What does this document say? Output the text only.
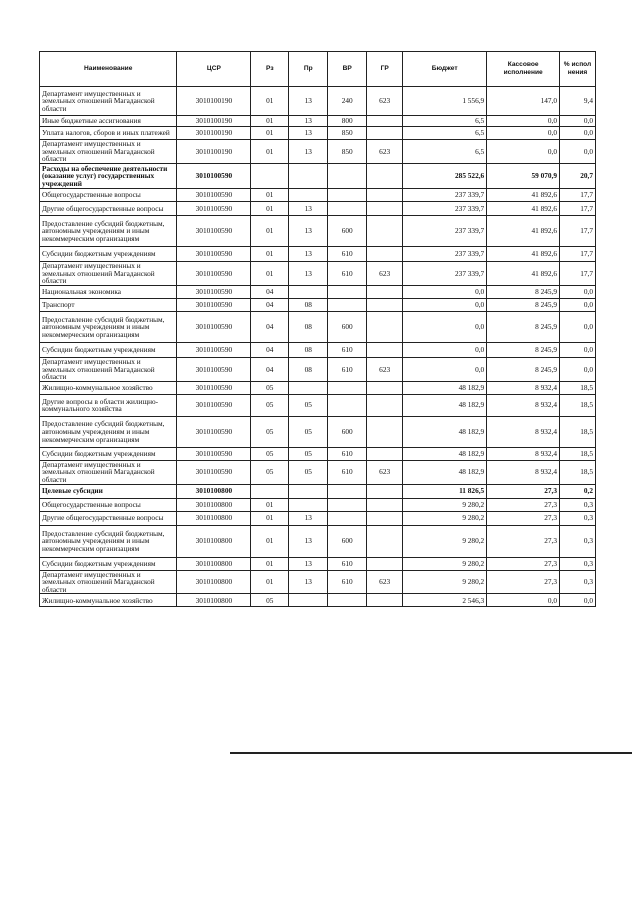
Наименование	ЦСР	Рз	Пр	ВР	ГР	Бюджет	Кассовое исполнение	% испол нения
Департамент имущественных и земельных отношений Магаданской области	3010100190	01	13	240	623	1 556,9	147,0	9,4
Иные бюджетные ассигнования	3010100190	01	13	800		6,5	0,0	0,0
Уплата налогов, сборов и иных платежей	3010100190	01	13	850		6,5	0,0	0,0
Департамент имущественных и земельных отношений Магаданской области	3010100190	01	13	850	623	6,5	0,0	0,0
Расходы на обеспечение деятельности (оказание услуг) государственных учреждений	3010100590					285 522,6	59 070,9	20,7
Общегосударственные вопросы	3010100590	01				237 339,7	41 892,6	17,7
Другие общегосударственные вопросы	3010100590	01	13			237 339,7	41 892,6	17,7
Предоставление субсидий бюджетным, автономным учреждениям и иным некоммерческим организациям	3010100590	01	13	600		237 339,7	41 892,6	17,7
Субсидии бюджетным учреждениям	3010100590	01	13	610		237 339,7	41 892,6	17,7
Департамент имущественных и земельных отношений Магаданской области	3010100590	01	13	610	623	237 339,7	41 892,6	17,7
Национальная экономика	3010100590	04				0,0	8 245,9	0,0
Транспорт	3010100590	04	08			0,0	8 245,9	0,0
Предоставление субсидий бюджетным, автономным учреждениям и иным некоммерческим организациям	3010100590	04	08	600		0,0	8 245,9	0,0
Субсидии бюджетным учреждениям	3010100590	04	08	610		0,0	8 245,9	0,0
Департамент имущественных и земельных отношений Магаданской области	3010100590	04	08	610	623	0,0	8 245,9	0,0
Жилищно-коммунальное хозяйство	3010100590	05				48 182,9	8 932,4	18,5
Другие вопросы в области жилищно-коммунального хозяйства	3010100590	05	05			48 182,9	8 932,4	18,5
Предоставление субсидий бюджетным, автономным учреждениям и иным некоммерческим организациям	3010100590	05	05	600		48 182,9	8 932,4	18,5
Субсидии бюджетным учреждениям	3010100590	05	05	610		48 182,9	8 932,4	18,5
Департамент имущественных и земельных отношений Магаданской области	3010100590	05	05	610	623	48 182,9	8 932,4	18,5
Целевые субсидии	3010100800					11 826,5	27,3	0,2
Общегосударственные вопросы	3010100800	01				9 280,2	27,3	0,3
Другие общегосударственные вопросы	3010100800	01	13			9 280,2	27,3	0,3
Предоставление субсидий бюджетным, автономным учреждениям и иным некоммерческим организациям	3010100800	01	13	600		9 280,2	27,3	0,3
Субсидии бюджетным учреждениям	3010100800	01	13	610		9 280,2	27,3	0,3
Департамент имущественных и земельных отношений Магаданской области	3010100800	01	13	610	623	9 280,2	27,3	0,3
Жилищно-коммунальное хозяйство	3010100800	05				2 546,3	0,0	0,0
